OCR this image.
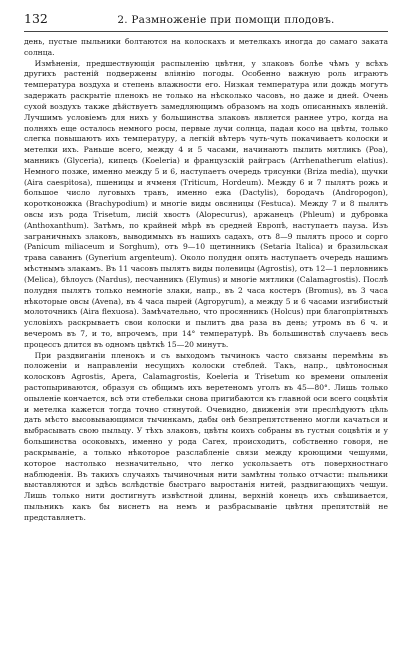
132	2. Размноженіе при помощи плодовъ.

день, пустые пыльники болтаются на колоскахъ и метелкахъ иногда до самаго заката солнца.

Измѣненія, предшествующія распыленію цвѣтня, у злаковъ болѣе чѣмъ у всѣхъ другихъ растеній подвержены вліянію погоды. Особенно важную роль играютъ температура воздуха и степень влажности его. Низкая температура или дождь могутъ задержать раскрытіе пленокъ не только на нѣсколько часовъ, но даже и дней. Очень сухой воздухъ также дѣйствуетъ замедляющимъ образомъ на ходъ описанныхъ явленій. Лучшимъ условіемъ для нихъ у большинства злаковъ является раннее утро, когда на полняхъ еще осталось немного росы, первые лучи солнца, падая косо на цвѣты, только слегка повышаютъ ихъ температуру, а легкій вѣтеръ чуть-чуть покачиваетъ колоски и метелки ихъ. Раньше всего, между 4 и 5 часами, начинаютъ пылить мятликъ (Poa), манникъ (Glyceria), кипецъ (Koeleria) и французскій райграсъ (Arrhenatherum elatius). Немного позже, именно между 5 и 6, наступаетъ очередь трясунки (Briza media), щучки (Aira caespitosa), пшеницы и ячменя (Triticum, Hordeum). Между 6 и 7 пылятъ рожь и большое число луговыхъ травъ, именно ежа (Dactylis), бородачъ (Andropogon), коротконожка (Brachypodium) и многіе виды овсяницы (Festuca). Между 7 и 8 пылятъ овсы изъ рода Trisetum, лисій хвостъ (Alopecurus), аржанецъ (Phleum) и дубровка (Anthoxanthum). Затѣмъ, по крайней мѣрѣ въ средней Европѣ, наступаетъ пауза. Изъ заграничныхъ злаковъ, выводимыхъ въ нашихъ садахъ, отъ 8—9 пылятъ просо и сорго (Panicum miliaceum и Sorghum), отъ 9—10 щетинникъ (Setaria Italica) и бразильская трава саваннъ (Gynerium argenteum). Около полудня опять наступаетъ очередь нашимъ мѣстнымъ злакамъ. Въ 11 часовъ пылятъ виды полевицы (Agrostis), отъ 12—1 перловникъ (Melica), бѣлоусъ (Nardus), песчанникъ (Elymus) и многіе мятлики (Calamagrostis). Послѣ полудня пылятъ только немногіе злаки, напр., въ 2 часа костеръ (Bromus), въ 3 часа нѣкоторые овсы (Avena), въ 4 часа пырей (Agropyrum), а между 5 и 6 часами изгибистый молоточникъ (Aira flexuosa). Замѣчательно, что просянникъ (Holcus) при благопріятныхъ условіяхъ раскрываетъ свои колоски и пылитъ два раза въ день; утромъ въ 6 ч. и вечеромъ въ 7, и то, впрочемъ, при 14° температурѣ. Въ большинствѣ случаевъ весь процессъ длится въ одномъ цвѣткѣ 15—20 минутъ.

При раздвиганіи пленокъ и съ выходомъ тычинокъ часто связаны перемѣны въ положеніи и направленіи несущихъ колоски стеблей. Такъ, напр., цвѣтоносныя колосковъ Agrostis, Apera, Calamagrostis, Koeleria и Trisetum ко времени опыленія растопыриваются, образуя съ общимъ ихъ веретеномъ уголъ въ 45—80°. Лишь только опыленіе кончается, всѣ эти стебельки снова пригибаются къ главной оси всего соцвѣтія и метелка кажется тогда точно стянутой. Очевидно, движенія эти преслѣдуютъ цѣль дать мѣсто высовывающимся тычинкамъ, дабы онѣ безпрепятственно могли качаться и выбрасывать свою пыльцу. У тѣхъ злаковъ, цвѣты коихъ собраны въ густыя соцвѣтія и у большинства осоковыхъ, именно у рода Carex, происходитъ, собственно говоря, не раскрываніе, а только нѣкоторое разслабленіе связи между кроющими чешуями, которое настолько незначительно, что легко ускользаетъ отъ поверхностнаго наблюденія. Въ такихъ случаяхъ тычиночныя нити замѣтны только отчасти: пыльники выставляются и здѣсь вслѣдствіе быстраго выростанія нитей, раздвигающихъ чешуи. Лишь только нити достигнутъ извѣстной длины, верхній конецъ ихъ свѣшивается, пыльникъ какъ бы виснетъ на немъ и разбрасываніе цвѣтня препятствій не представляетъ.
